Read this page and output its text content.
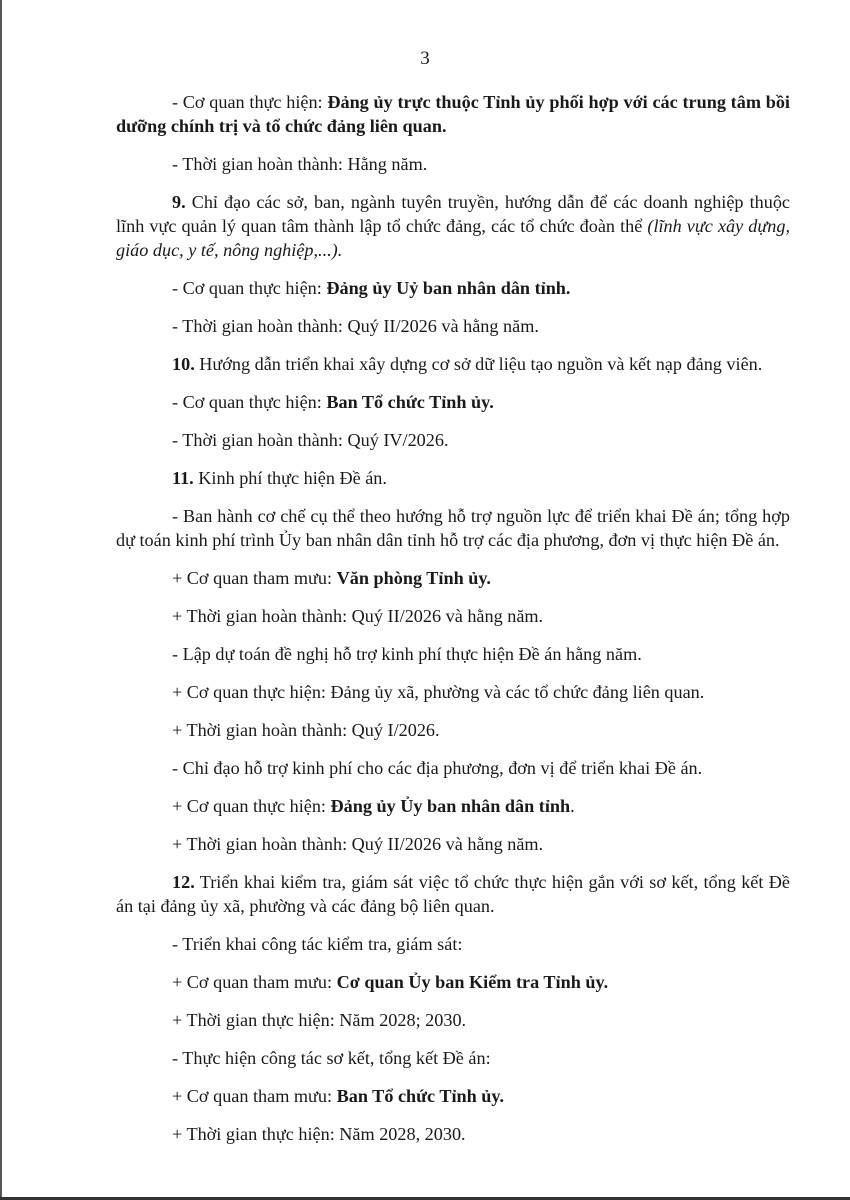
3

- Cơ quan thực hiện: Đảng ủy trực thuộc Tỉnh ủy phối hợp với các trung tâm bồi dưỡng chính trị và tổ chức đảng liên quan.

- Thời gian hoàn thành: Hằng năm.

9. Chỉ đạo các sở, ban, ngành tuyên truyền, hướng dẫn để các doanh nghiệp thuộc lĩnh vực quản lý quan tâm thành lập tổ chức đảng, các tổ chức đoàn thể (lĩnh vực xây dựng, giáo dục, y tế, nông nghiệp,...).

- Cơ quan thực hiện: Đảng ủy Uỷ ban nhân dân tỉnh.

- Thời gian hoàn thành: Quý II/2026 và hằng năm.

10. Hướng dẫn triển khai xây dựng cơ sở dữ liệu tạo nguồn và kết nạp đảng viên.

- Cơ quan thực hiện: Ban Tổ chức Tỉnh ủy.

- Thời gian hoàn thành: Quý IV/2026.

11. Kinh phí thực hiện Đề án.

- Ban hành cơ chế cụ thể theo hướng hỗ trợ nguồn lực để triển khai Đề án; tổng hợp dự toán kinh phí trình Ủy ban nhân dân tỉnh hỗ trợ các địa phương, đơn vị thực hiện Đề án.

+ Cơ quan tham mưu: Văn phòng Tỉnh ủy.

+ Thời gian hoàn thành: Quý II/2026 và hằng năm.

- Lập dự toán đề nghị hỗ trợ kinh phí thực hiện Đề án hằng năm.

+ Cơ quan thực hiện: Đảng ủy xã, phường và các tổ chức đảng liên quan.

+ Thời gian hoàn thành: Quý I/2026.

- Chỉ đạo hỗ trợ kinh phí cho các địa phương, đơn vị để triển khai Đề án.

+ Cơ quan thực hiện: Đảng ủy Ủy ban nhân dân tỉnh.

+ Thời gian hoàn thành: Quý II/2026 và hằng năm.

12. Triển khai kiểm tra, giám sát việc tổ chức thực hiện gắn với sơ kết, tổng kết Đề án tại đảng ủy xã, phường và các đảng bộ liên quan.

- Triển khai công tác kiểm tra, giám sát:

+ Cơ quan tham mưu: Cơ quan Ủy ban Kiểm tra Tỉnh ủy.

+ Thời gian thực hiện: Năm 2028; 2030.

- Thực hiện công tác sơ kết, tổng kết Đề án:

+ Cơ quan tham mưu: Ban Tổ chức Tỉnh ủy.

+ Thời gian thực hiện: Năm 2028, 2030.
